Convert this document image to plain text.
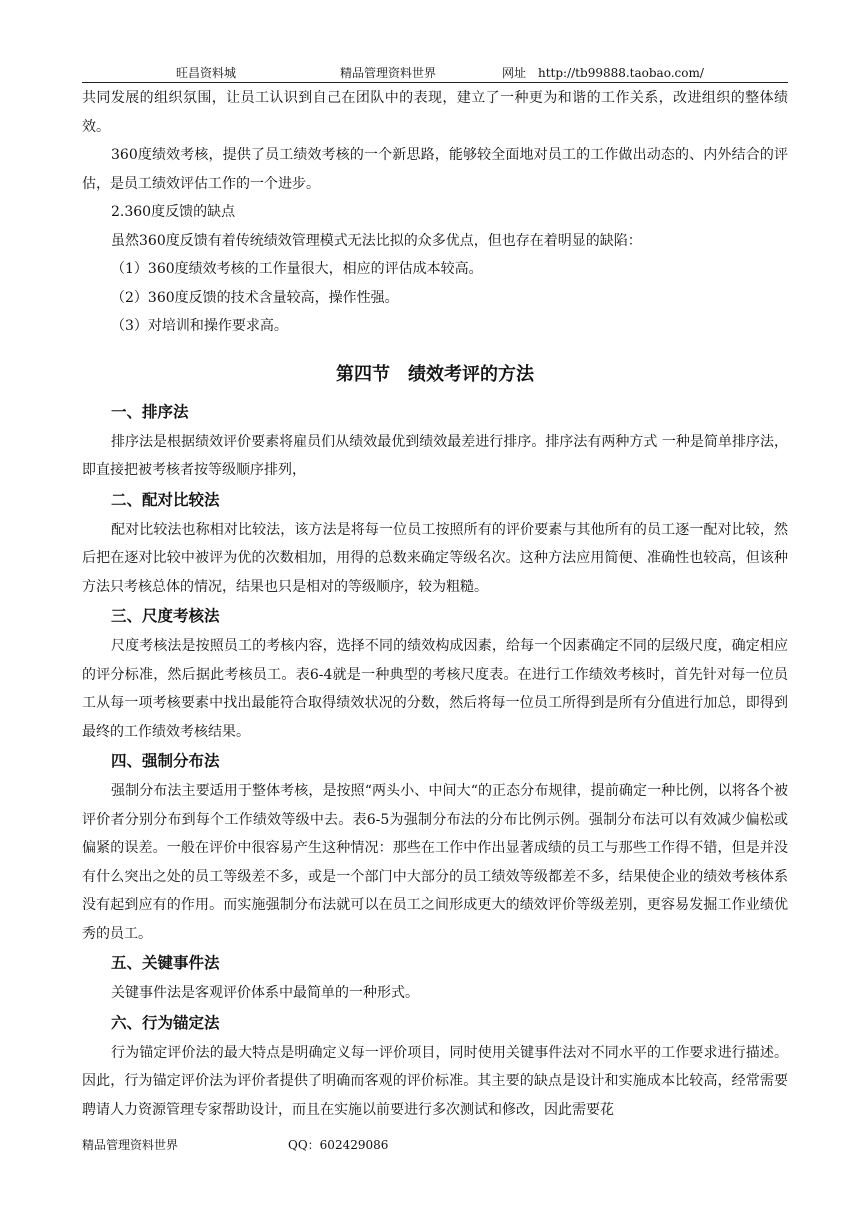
旺昌资料城	精品管理资料世界	网址　http://tb99888.taobao.com/

共同发展的组织氛围，让员工认识到自己在团队中的表现，建立了一种更为和谐的工作关系，改进组织的整体绩效。

360度绩效考核，提供了员工绩效考核的一个新思路，能够较全面地对员工的工作做出动态的、内外结合的评估，是员工绩效评估工作的一个进步。

2.360度反馈的缺点

虽然360度反馈有着传统绩效管理模式无法比拟的众多优点，但也存在着明显的缺陷：

（1）360度绩效考核的工作量很大，相应的评估成本较高。

（2）360度反馈的技术含量较高，操作性强。

（3）对培训和操作要求高。

第四节　绩效考评的方法

一、排序法

排序法是根据绩效评价要素将雇员们从绩效最优到绩效最差进行排序。排序法有两种方式 一种是简单排序法，即直接把被考核者按等级顺序排列，

二、配对比较法

配对比较法也称相对比较法，该方法是将每一位员工按照所有的评价要素与其他所有的员工逐一配对比较，然后把在逐对比较中被评为优的次数相加，用得的总数来确定等级名次。这种方法应用简便、准确性也较高，但该种方法只考核总体的情况，结果也只是相对的等级顺序，较为粗糙。

三、尺度考核法

尺度考核法是按照员工的考核内容，选择不同的绩效构成因素，给每一个因素确定不同的层级尺度，确定相应的评分标准，然后据此考核员工。表6-4就是一种典型的考核尺度表。在进行工作绩效考核时，首先针对每一位员工从每一项考核要素中找出最能符合取得绩效状况的分数，然后将每一位员工所得到是所有分值进行加总，即得到最终的工作绩效考核结果。

四、强制分布法

强制分布法主要适用于整体考核，是按照“两头小、中间大“的正态分布规律，提前确定一种比例，以将各个被评价者分别分布到每个工作绩效等级中去。表6-5为强制分布法的分布比例示例。强制分布法可以有效减少偏松或偏紧的误差。一般在评价中很容易产生这种情况：那些在工作中作出显著成绩的员工与那些工作得不错，但是并没有什么突出之处的员工等级差不多，或是一个部门中大部分的员工绩效等级都差不多，结果使企业的绩效考核体系没有起到应有的作用。而实施强制分布法就可以在员工之间形成更大的绩效评价等级差别，更容易发掘工作业绩优秀的员工。

五、关键事件法

关键事件法是客观评价体系中最简单的一种形式。

六、行为锚定法

行为锚定评价法的最大特点是明确定义每一评价项目，同时使用关键事件法对不同水平的工作要求进行描述。因此，行为锚定评价法为评价者提供了明确而客观的评价标准。其主要的缺点是设计和实施成本比较高，经常需要聘请人力资源管理专家帮助设计，而且在实施以前要进行多次测试和修改，因此需要花

精品管理资料世界	QQ：602429086
